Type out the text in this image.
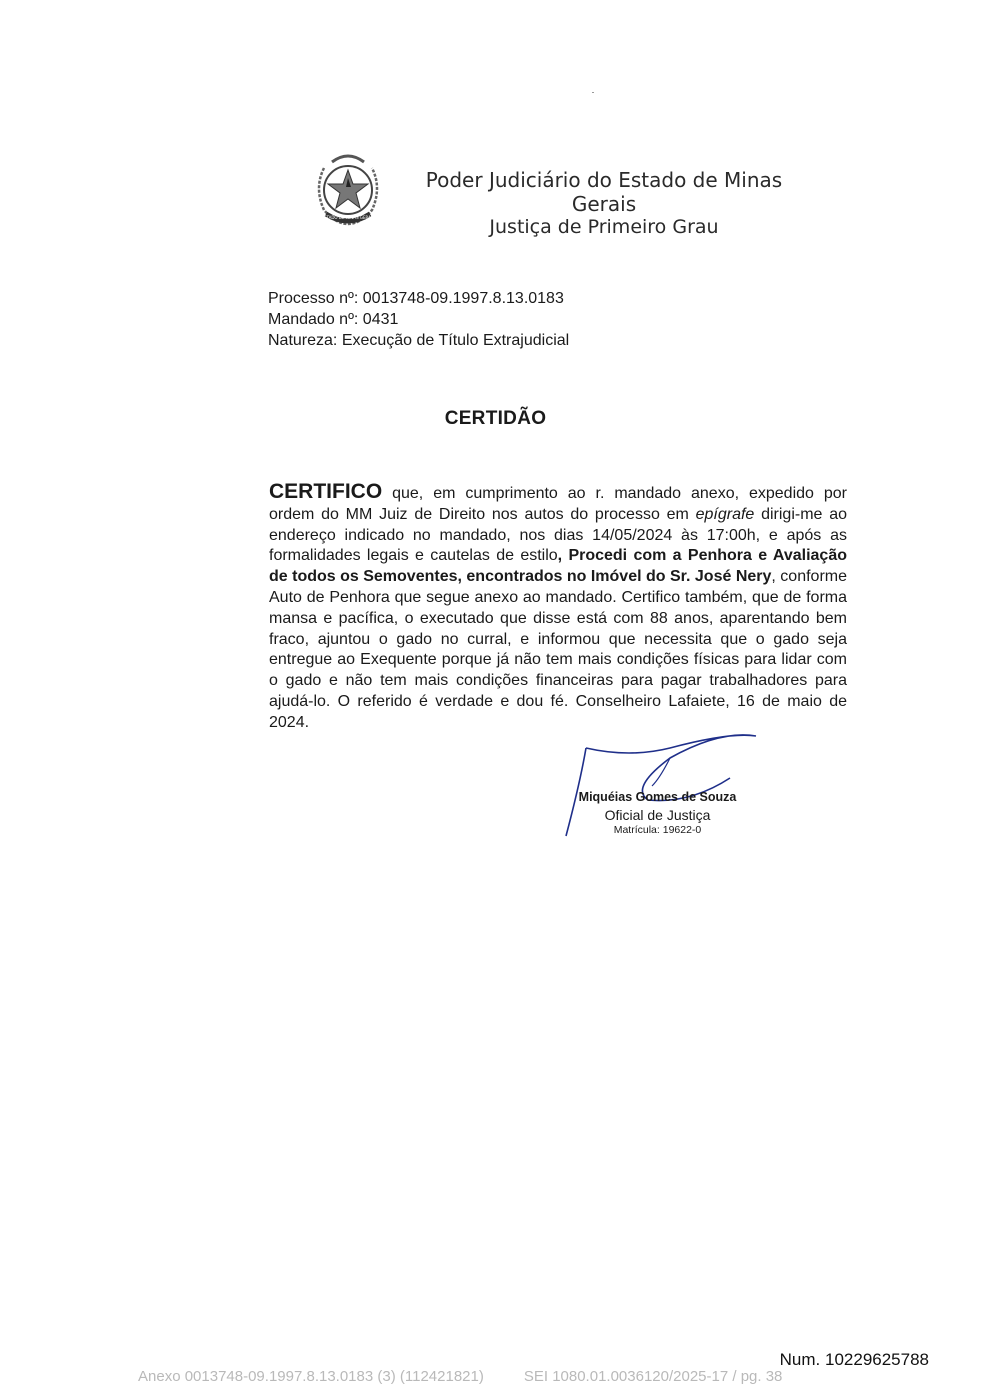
ESTADO DE MINAS GERAIS
Poder Judiciário do Estado de Minas Gerais
Justiça de Primeiro Grau
Processo nº: 0013748-09.1997.8.13.0183
Mandado nº: 0431
Natureza: Execução de Título Extrajudicial
CERTIDÃO
CERTIFICO que, em cumprimento ao r. mandado anexo, expedido por ordem do MM Juiz de Direito nos autos do processo em epígrafe dirigi-me ao endereço indicado no mandado, nos dias 14/05/2024 às 17:00h, e após as formalidades legais e cautelas de estilo, Procedi com a Penhora e Avaliação de todos os Semoventes, encontrados no Imóvel do Sr. José Nery, conforme Auto de Penhora que segue anexo ao mandado. Certifico também, que de forma mansa e pacífica, o executado que disse está com 88 anos, aparentando bem fraco, ajuntou o gado no curral, e informou que necessita que o gado seja entregue ao Exequente porque já não tem mais condições físicas para lidar com o gado e não tem mais condições financeiras para pagar trabalhadores para ajudá-lo. O referido é verdade e dou fé. Conselheiro Lafaiete, 16 de maio de 2024.
Miquéias Gomes de Souza
Oficial de Justiça
Matrícula: 19622-0
Num. 10229625788
Anexo 0013748-09.1997.8.13.0183 (3) (112421821)	SEI 1080.01.0036120/2025-17 / pg. 38
